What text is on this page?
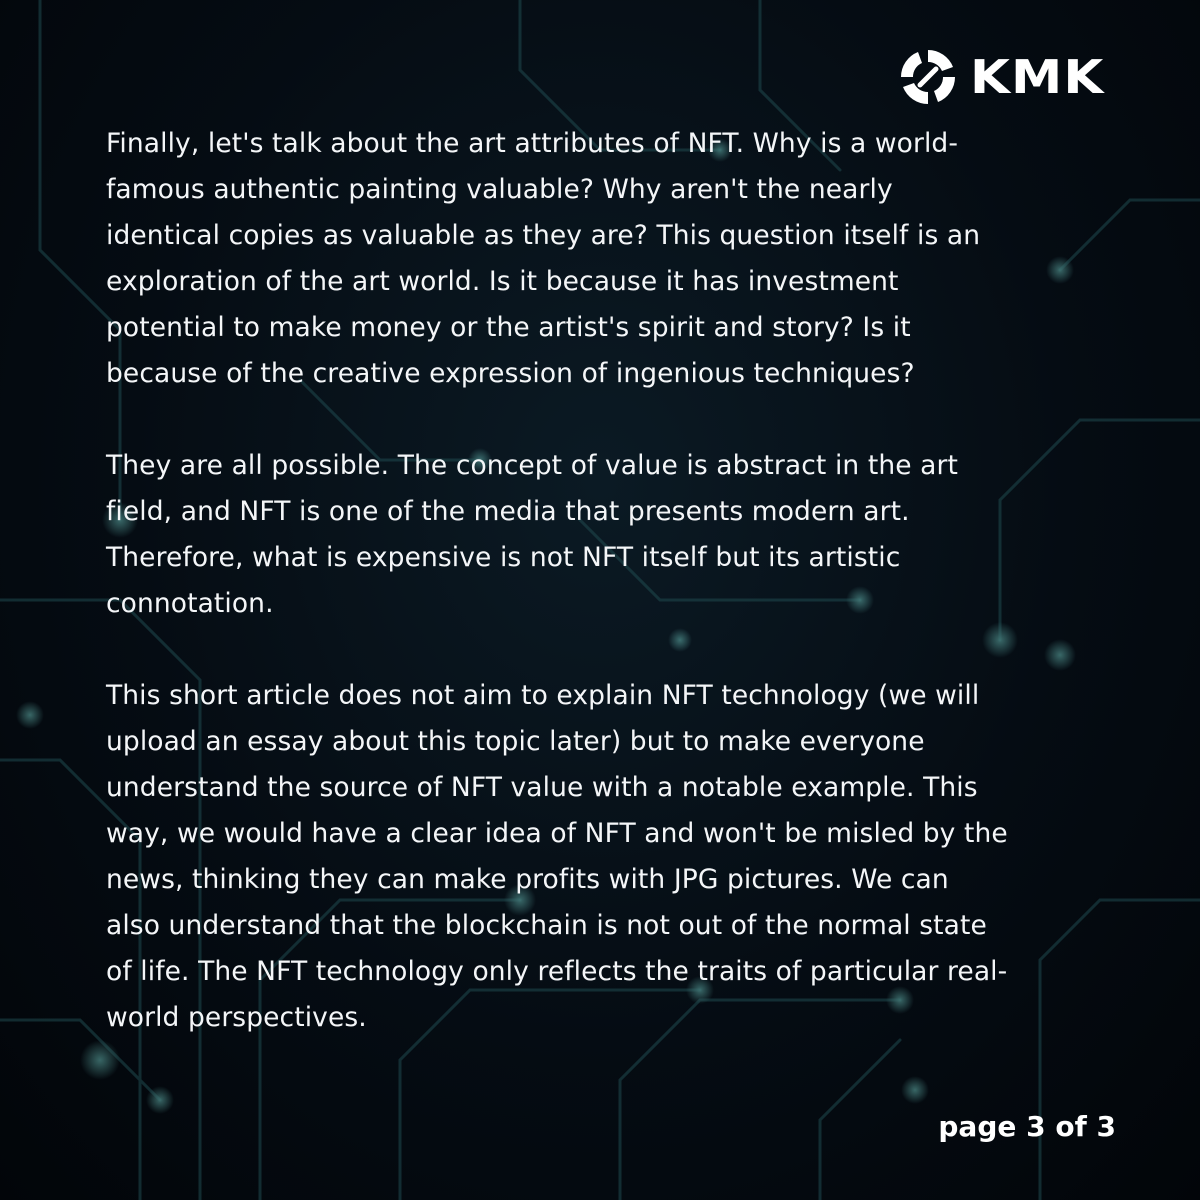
KMK

Finally, let's talk about the art attributes of NFT. Why is a world-
famous authentic painting valuable? Why aren't the nearly
identical copies as valuable as they are? This question itself is an
exploration of the art world. Is it because it has investment
potential to make money or the artist's spirit and story? Is it
because of the creative expression of ingenious techniques?

They are all possible. The concept of value is abstract in the art
field, and NFT is one of the media that presents modern art.
Therefore, what is expensive is not NFT itself but its artistic
connotation.

This short article does not aim to explain NFT technology (we will
upload an essay about this topic later) but to make everyone
understand the source of NFT value with a notable example. This
way, we would have a clear idea of NFT and won't be misled by the
news, thinking they can make profits with JPG pictures. We can
also understand that the blockchain is not out of the normal state
of life. The NFT technology only reflects the traits of particular real-
world perspectives.

page 3 of 3
